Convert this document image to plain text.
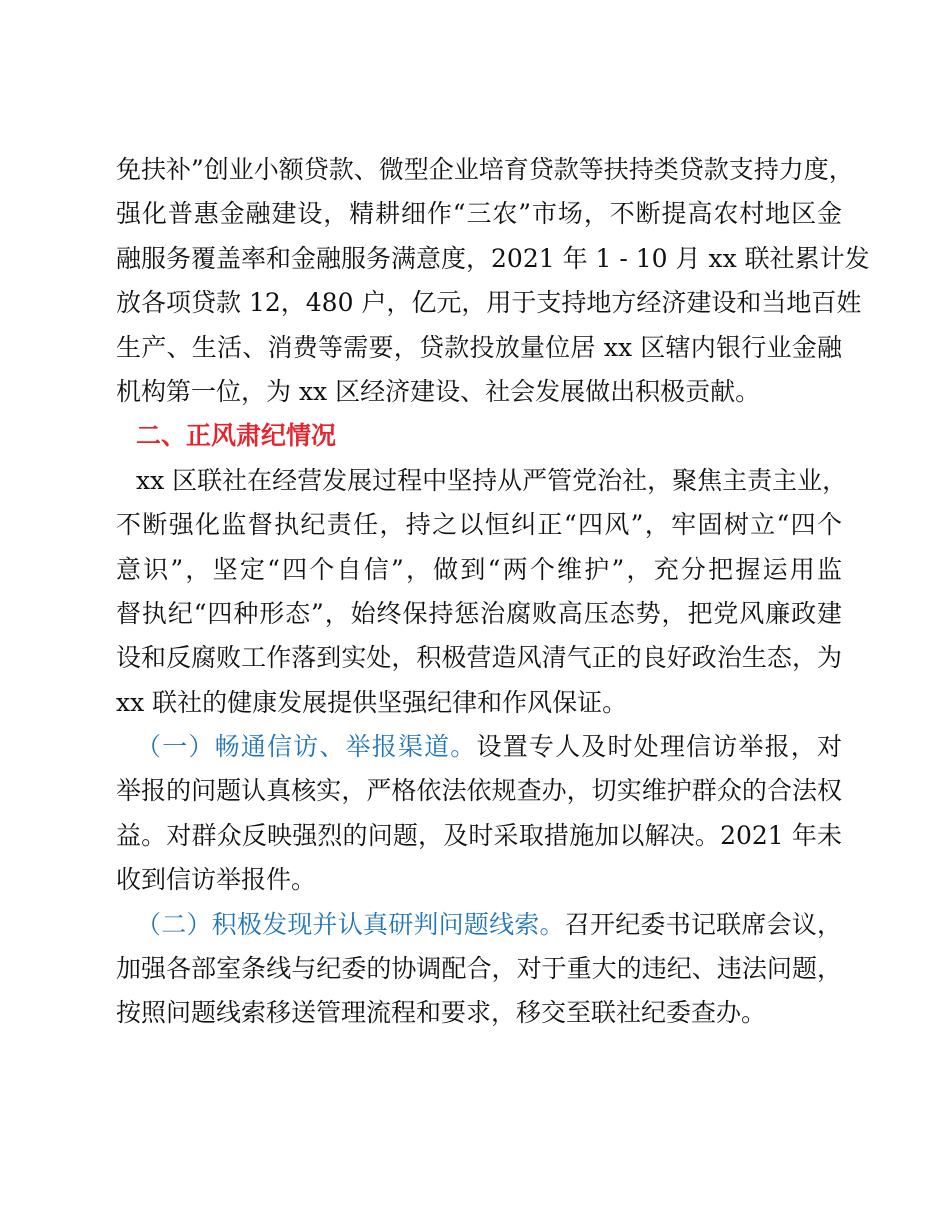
免扶补”创业小额贷款、微型企业培育贷款等扶持类贷款支持力度，
强化普惠金融建设，精耕细作“三农”市场，不断提高农村地区金
融服务覆盖率和金融服务满意度，2021 年 1 - 10 月 xx 联社累计发
放各项贷款 12，480 户，亿元，用于支持地方经济建设和当地百姓
生产、生活、消费等需要，贷款投放量位居 xx 区辖内银行业金融
机构第一位，为 xx 区经济建设、社会发展做出积极贡献。
二、正风肃纪情况
xx 区联社在经营发展过程中坚持从严管党治社，聚焦主责主业，
不断强化监督执纪责任，持之以恒纠正“四风”，牢固树立“四个
意识”，坚定“四个自信”，做到“两个维护”，充分把握运用监
督执纪“四种形态”，始终保持惩治腐败高压态势，把党风廉政建
设和反腐败工作落到实处，积极营造风清气正的良好政治生态，为
xx 联社的健康发展提供坚强纪律和作风保证。
（一）畅通信访、举报渠道。设置专人及时处理信访举报，对
举报的问题认真核实，严格依法依规查办，切实维护群众的合法权
益。对群众反映强烈的问题，及时采取措施加以解决。2021 年未
收到信访举报件。
（二）积极发现并认真研判问题线索。召开纪委书记联席会议，
加强各部室条线与纪委的协调配合，对于重大的违纪、违法问题，
按照问题线索移送管理流程和要求，移交至联社纪委查办。
